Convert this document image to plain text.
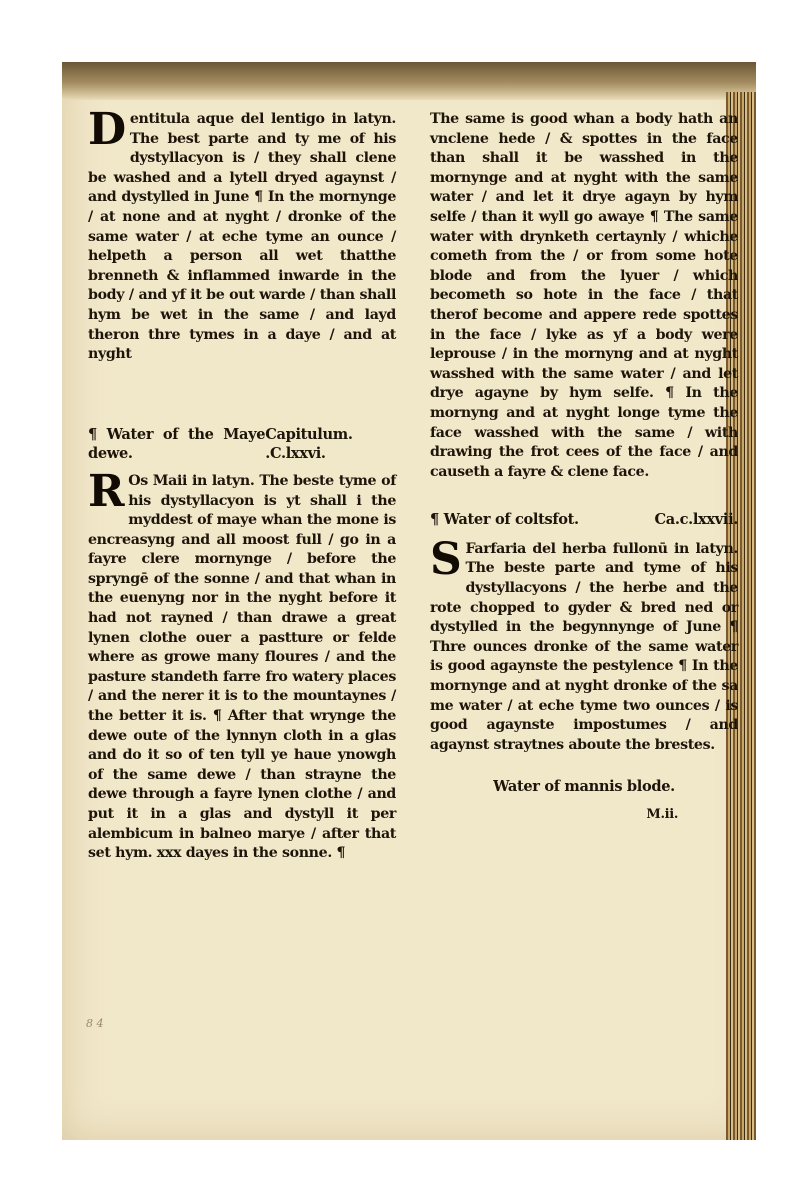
Dentitula aque del lentigo in latyn. The best parte and ty me of his dystyllacyon is / they shall clene be washed and a lytell dryed agaynst / and dystylled in June ¶ In the mornynge / at none and at nyght / dronke of the same water / at eche tyme an ounce / helpeth a person all wet thatthe brenneth & inflammed inwarde in the body / and yf it be out warde / than shall hym be wet in the same / and layd theron thre tymes in a daye / and at nyght

¶ Water of the Maye dewe.
Capitulum. .C.lxxvi.

R Os Maii in latyn. The beste tyme of his dystyllacyon is yt shall i the myddest of maye whan the mone is encreasyng and all moost full / go in a fayre clere mornynge / before the spryngē of the sonne / and that whan in the euenyng nor in the nyght before it had not rayned / than drawe a great lynen clothe ouer a pastture or felde where as growe many floures / and the pasture standeth farre fro watery places / and the nerer it is to the mountaynes / the better it is. ¶ After that wrynge the dewe oute of the lynnyn cloth in a glas and do it so of ten tyll ye haue ynowgh of the same dewe / than strayne the dewe through a fayre lynen clothe / and put it in a glas and dystyll it per alembicum in balneo marye / after that set hym. xxx dayes in the sonne. ¶

The same is good whan a body hath an vnclene hede / & spottes in the face than shall it be wasshed in the mornynge and at nyght with the same water / and let it drye agayn by hym selfe / than it wyll go awaye ¶ The same water with drynketh certaynly / whiche cometh from the / or from some hote blode and from the lyuer / which becometh so hote in the face / that therof become and appere rede spottes in the face / lyke as yf a body were leprouse / in the mornyng and at nyght wasshed with the same water / and let drye agayne by hym selfe. ¶ In the mornyng and at nyght longe tyme the face wasshed with the same / with drawing the frot cees of the face / and causeth a fayre & clene face.

¶ Water of coltsfot.	Ca.c.lxxvii.

S Farfaria del herba fullonū in latyn. The beste parte and tyme of his dystyllacyons / the herbe and the rote chopped to gyder & bred ned or dystylled in the begynnynge of June ¶ Thre ounces dronke of the same water is good agaynste the pestylence ¶ In the mornynge and at nyght dronke of the sa me water / at eche tyme two ounces / is good agaynste impostumes / and agaynst straytnes aboute the brestes.

Water of mannis blode.

M.ii.

8 4
